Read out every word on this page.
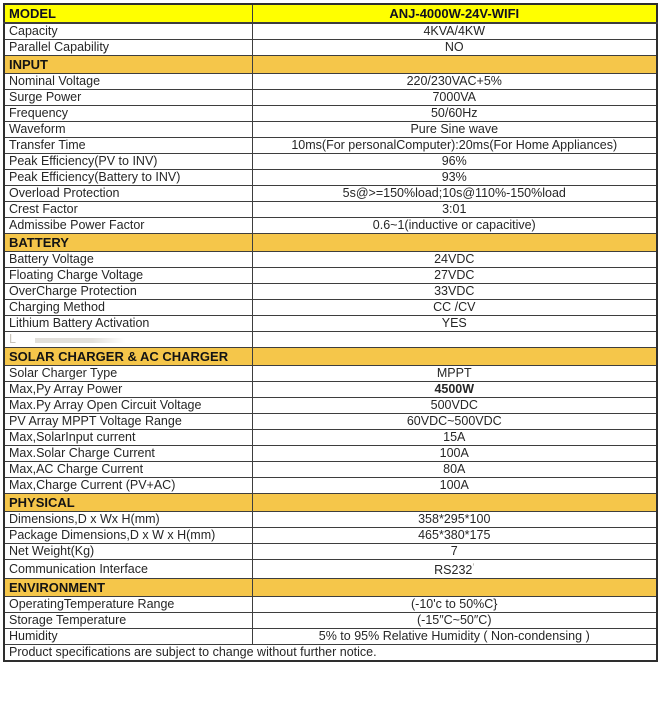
MODEL	ANJ-4000W-24V-WIFI
Capacity	4KVA/4KW
Parallel Capability	NO
INPUT	
Nominal Voltage	220/230VAC+5%
Surge Power	7000VA
Frequency	50/60Hz
Waveform	Pure Sine wave
Transfer Time	10ms(For personalComputer):20ms(For Home Appliances)
Peak Efficiency(PV to INV)	96%
Peak Efficiency(Battery to INV)	93%
Overload Protection	5s@>=150%load;10s@110%-150%load
Crest Factor	3:01
Admissibe Power Factor	0.6~1(inductive or capacitive)
BATTERY	
Battery Voltage	24VDC
Floating Charge Voltage	27VDC
OverCharge Protection	33VDC
Charging Method	CC /CV
Lithium Battery Activation	YES
L	
SOLAR CHARGER & AC CHARGER	
Solar Charger Type	MPPT
Max,Py Array Power	4500W
Max.Py Array Open Circuit Voltage	500VDC
PV Array MPPT Voltage Range	60VDC~500VDC
Max,SolarInput current	15A
Max.Solar Charge Current	100A
Max,AC Charge Current	80A
Max,Charge Current (PV+AC)	100A
PHYSICAL	
Dimensions,D x Wx H(mm)	358*295*100
Package Dimensions,D x W x H(mm)	465*380*175
Net Weight(Kg)	7
Communication Interface	RS232’
ENVIRONMENT	
OperatingTemperature Range	(-10'c to 50%C}
Storage Temperature	(-15″C~50″C)
Humidity	5% to 95% Relative Humidity ( Non-condensing )
Product specifications are subject to change without further notice.	
